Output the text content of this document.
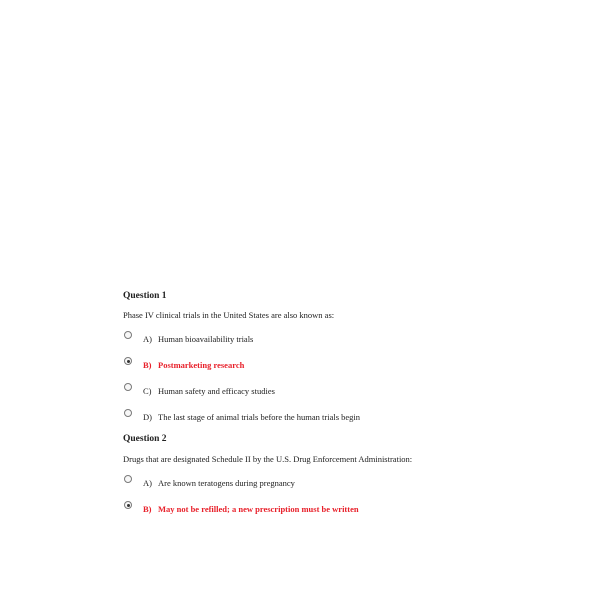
Question 1
Phase IV clinical trials in the United States are also known as:
A) Human bioavailability trials
B) Postmarketing research
C) Human safety and efficacy studies
D) The last stage of animal trials before the human trials begin
Question 2
Drugs that are designated Schedule II by the U.S. Drug Enforcement Administration:
A) Are known teratogens during pregnancy
B) May not be refilled; a new prescription must be written
